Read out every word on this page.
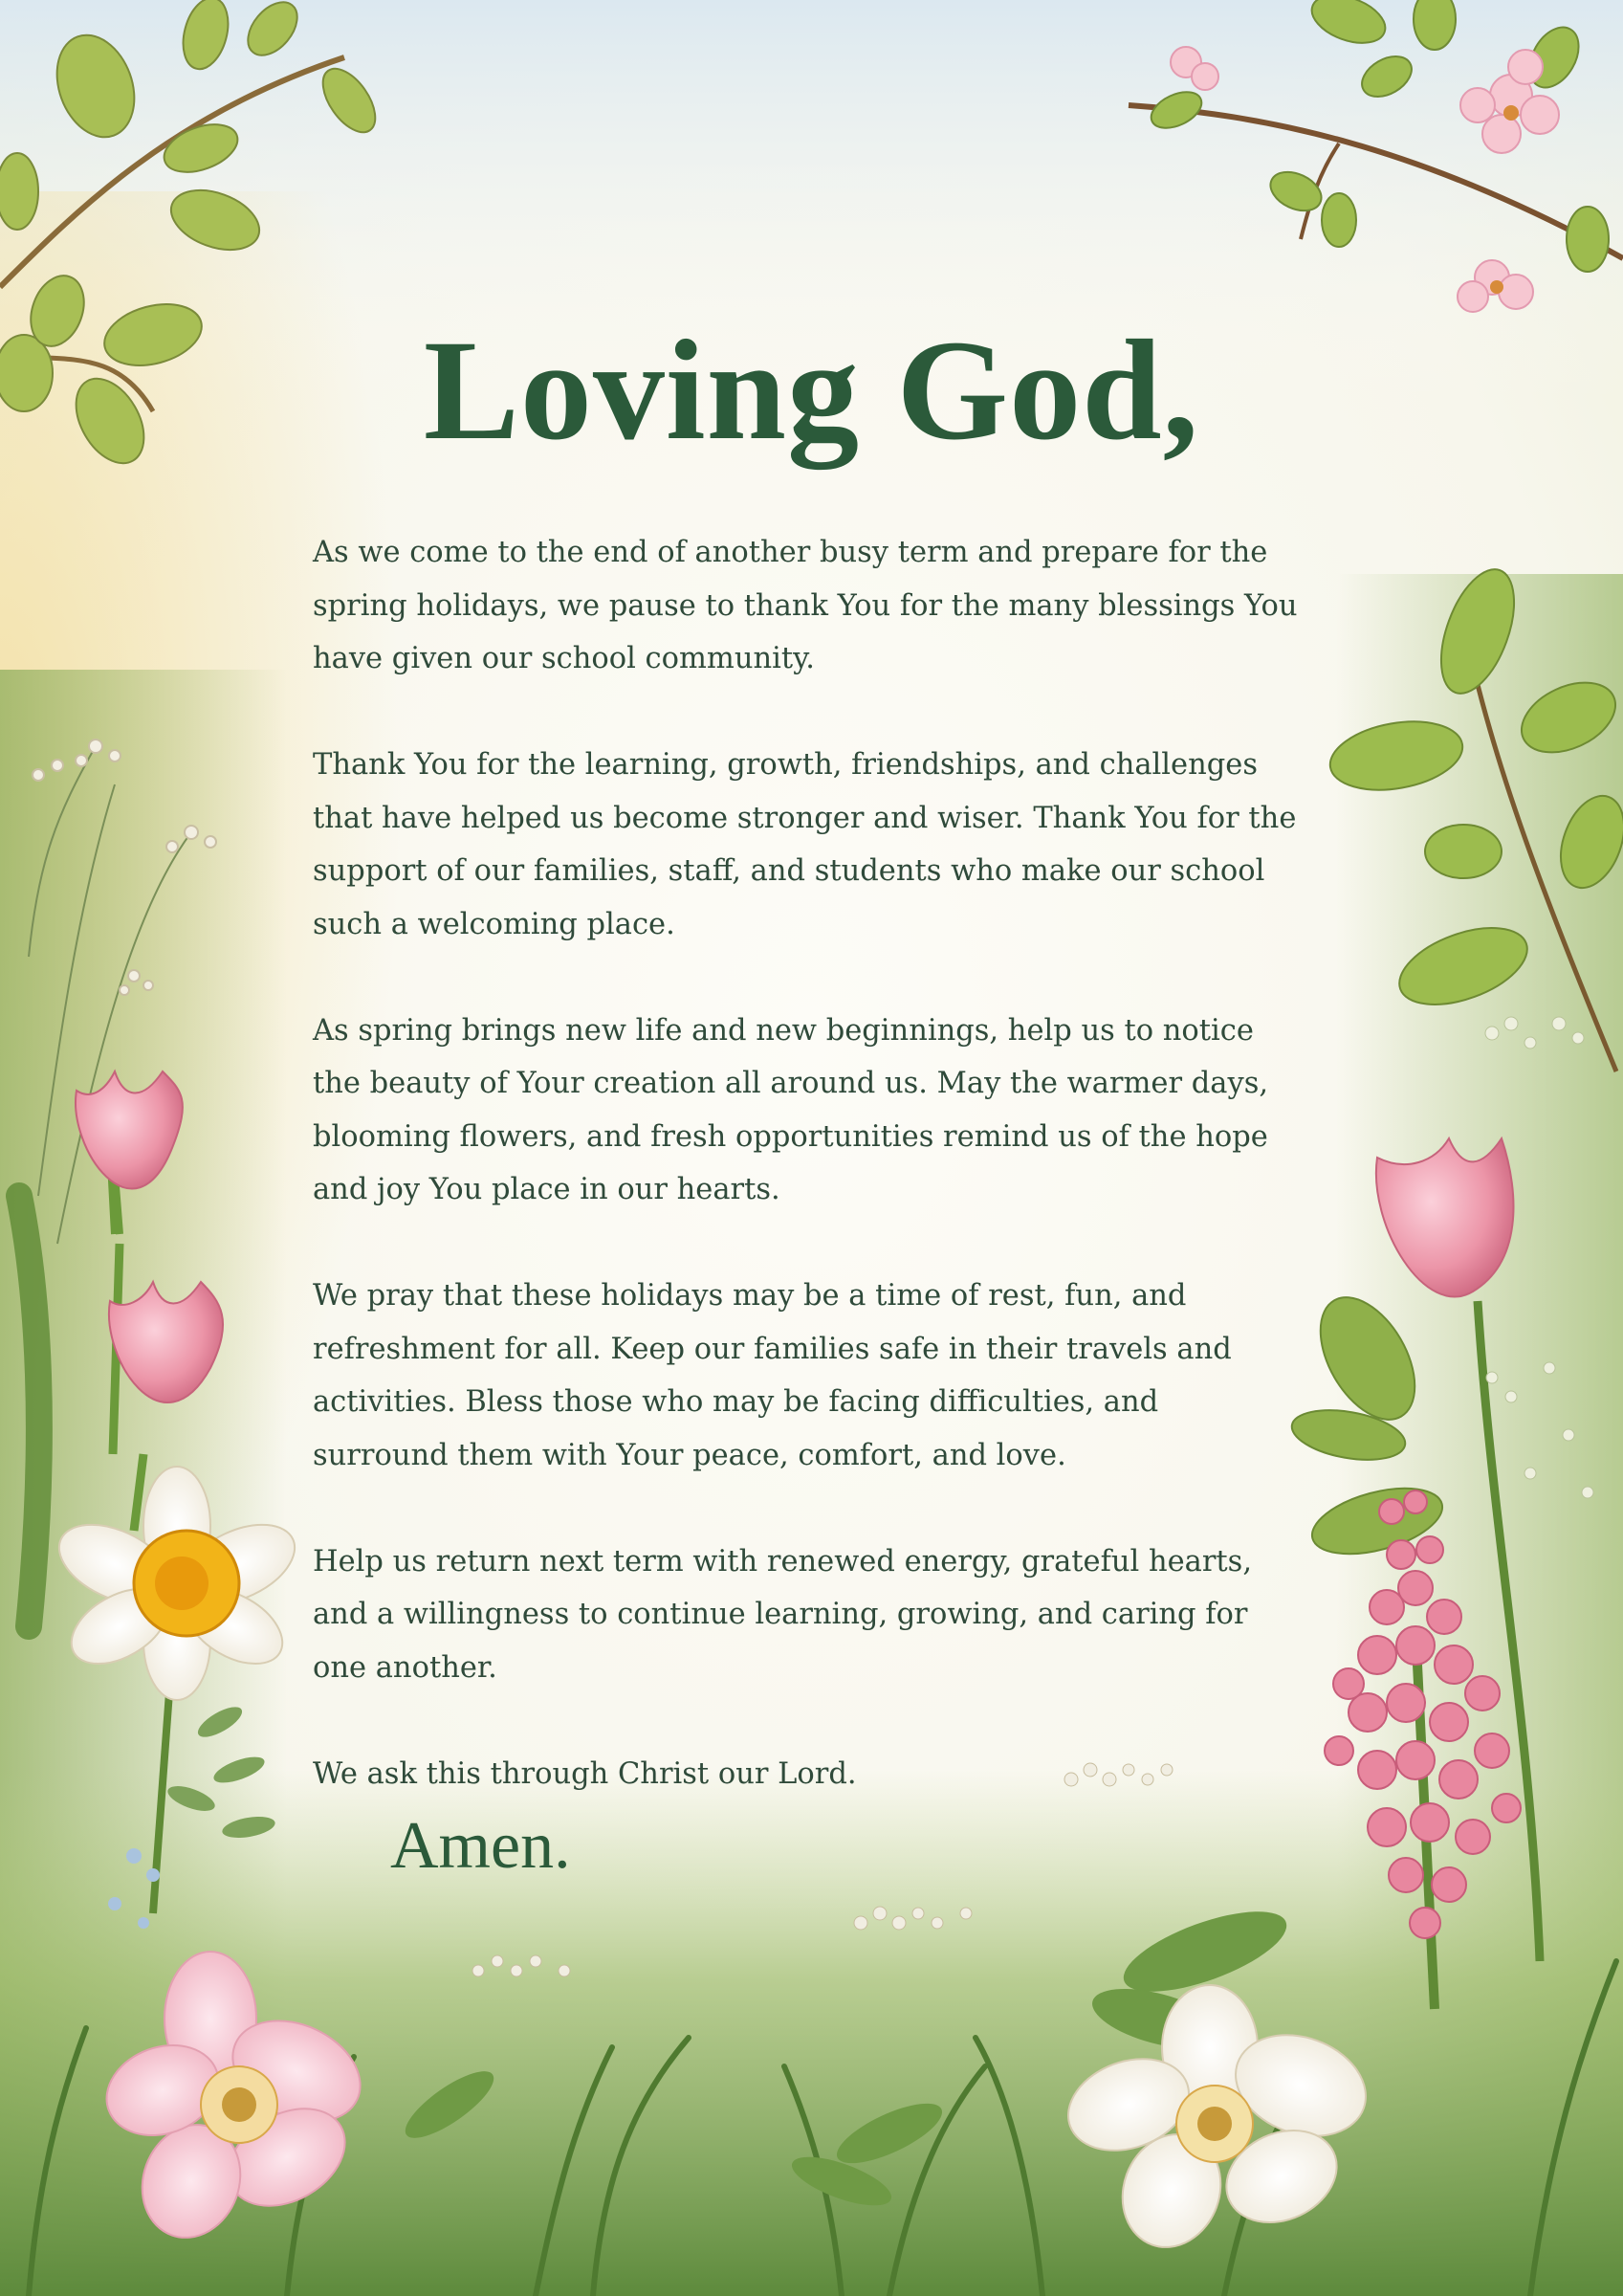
Loving God,

As we come to the end of another busy term and prepare for the spring holidays, we pause to thank You for the many blessings You have given our school community.

Thank You for the learning, growth, friendships, and challenges that have helped us become stronger and wiser. Thank You for the support of our families, staff, and students who make our school such a welcoming place.

As spring brings new life and new beginnings, help us to notice the beauty of Your creation all around us. May the warmer days, blooming flowers, and fresh opportunities remind us of the hope and joy You place in our hearts.

We pray that these holidays may be a time of rest, fun, and refreshment for all. Keep our families safe in their travels and activities. Bless those who may be facing difficulties, and surround them with Your peace, comfort, and love.

Help us return next term with renewed energy, grateful hearts, and a willingness to continue learning, growing, and caring for one another.

We ask this through Christ our Lord.

Amen.
